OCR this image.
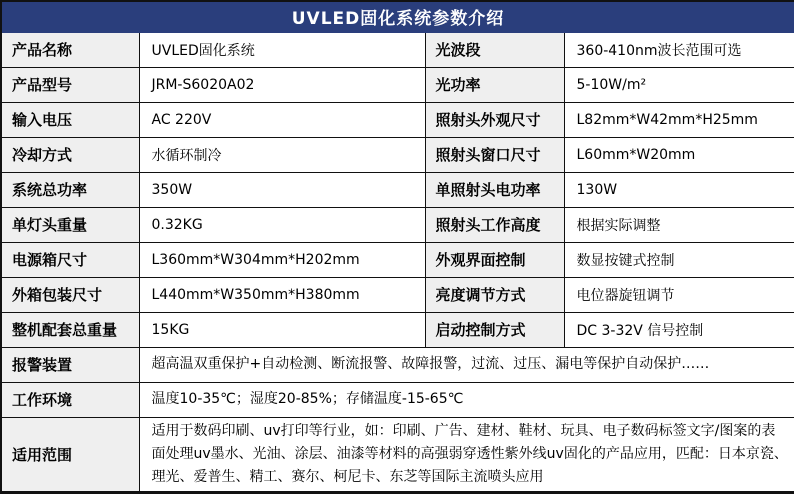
UVLED固化系统参数介绍			
产品名称	UVLED固化系统	光波段	360-410nm波长范围可选
产品型号	JRM-S6020A02	光功率	5-10W/m²
输入电压	AC 220V	照射头外观尺寸	L82mm*W42mm*H25mm
冷却方式	水循环制冷	照射头窗口尺寸	L60mm*W20mm
系统总功率	350W	单照射头电功率	130W
单灯头重量	0.32KG	照射头工作高度	根据实际调整
电源箱尺寸	L360mm*W304mm*H202mm	外观界面控制	数显按键式控制
外箱包装尺寸	L440mm*W350mm*H380mm	亮度调节方式	电位器旋钮调节
整机配套总重量	15KG	启动控制方式	DC 3-32V 信号控制
报警装置	超高温双重保护+自动检测、断流报警、故障报警，过流、过压、漏电等保护自动保护……		
工作环境	温度10-35℃；湿度20-85%；存储温度-15-65℃		
适用范围	适用于数码印刷、uv打印等行业，如：印刷、广告、建材、鞋材、玩具、电子数码标签文字/图案的表面处理uv墨水、光油、涂层、油漆等材料的高强弱穿透性紫外线uv固化的产品应用，匹配：日本京瓷、理光、爱普生、精工、赛尔、柯尼卡、东芝等国际主流喷头应用		
